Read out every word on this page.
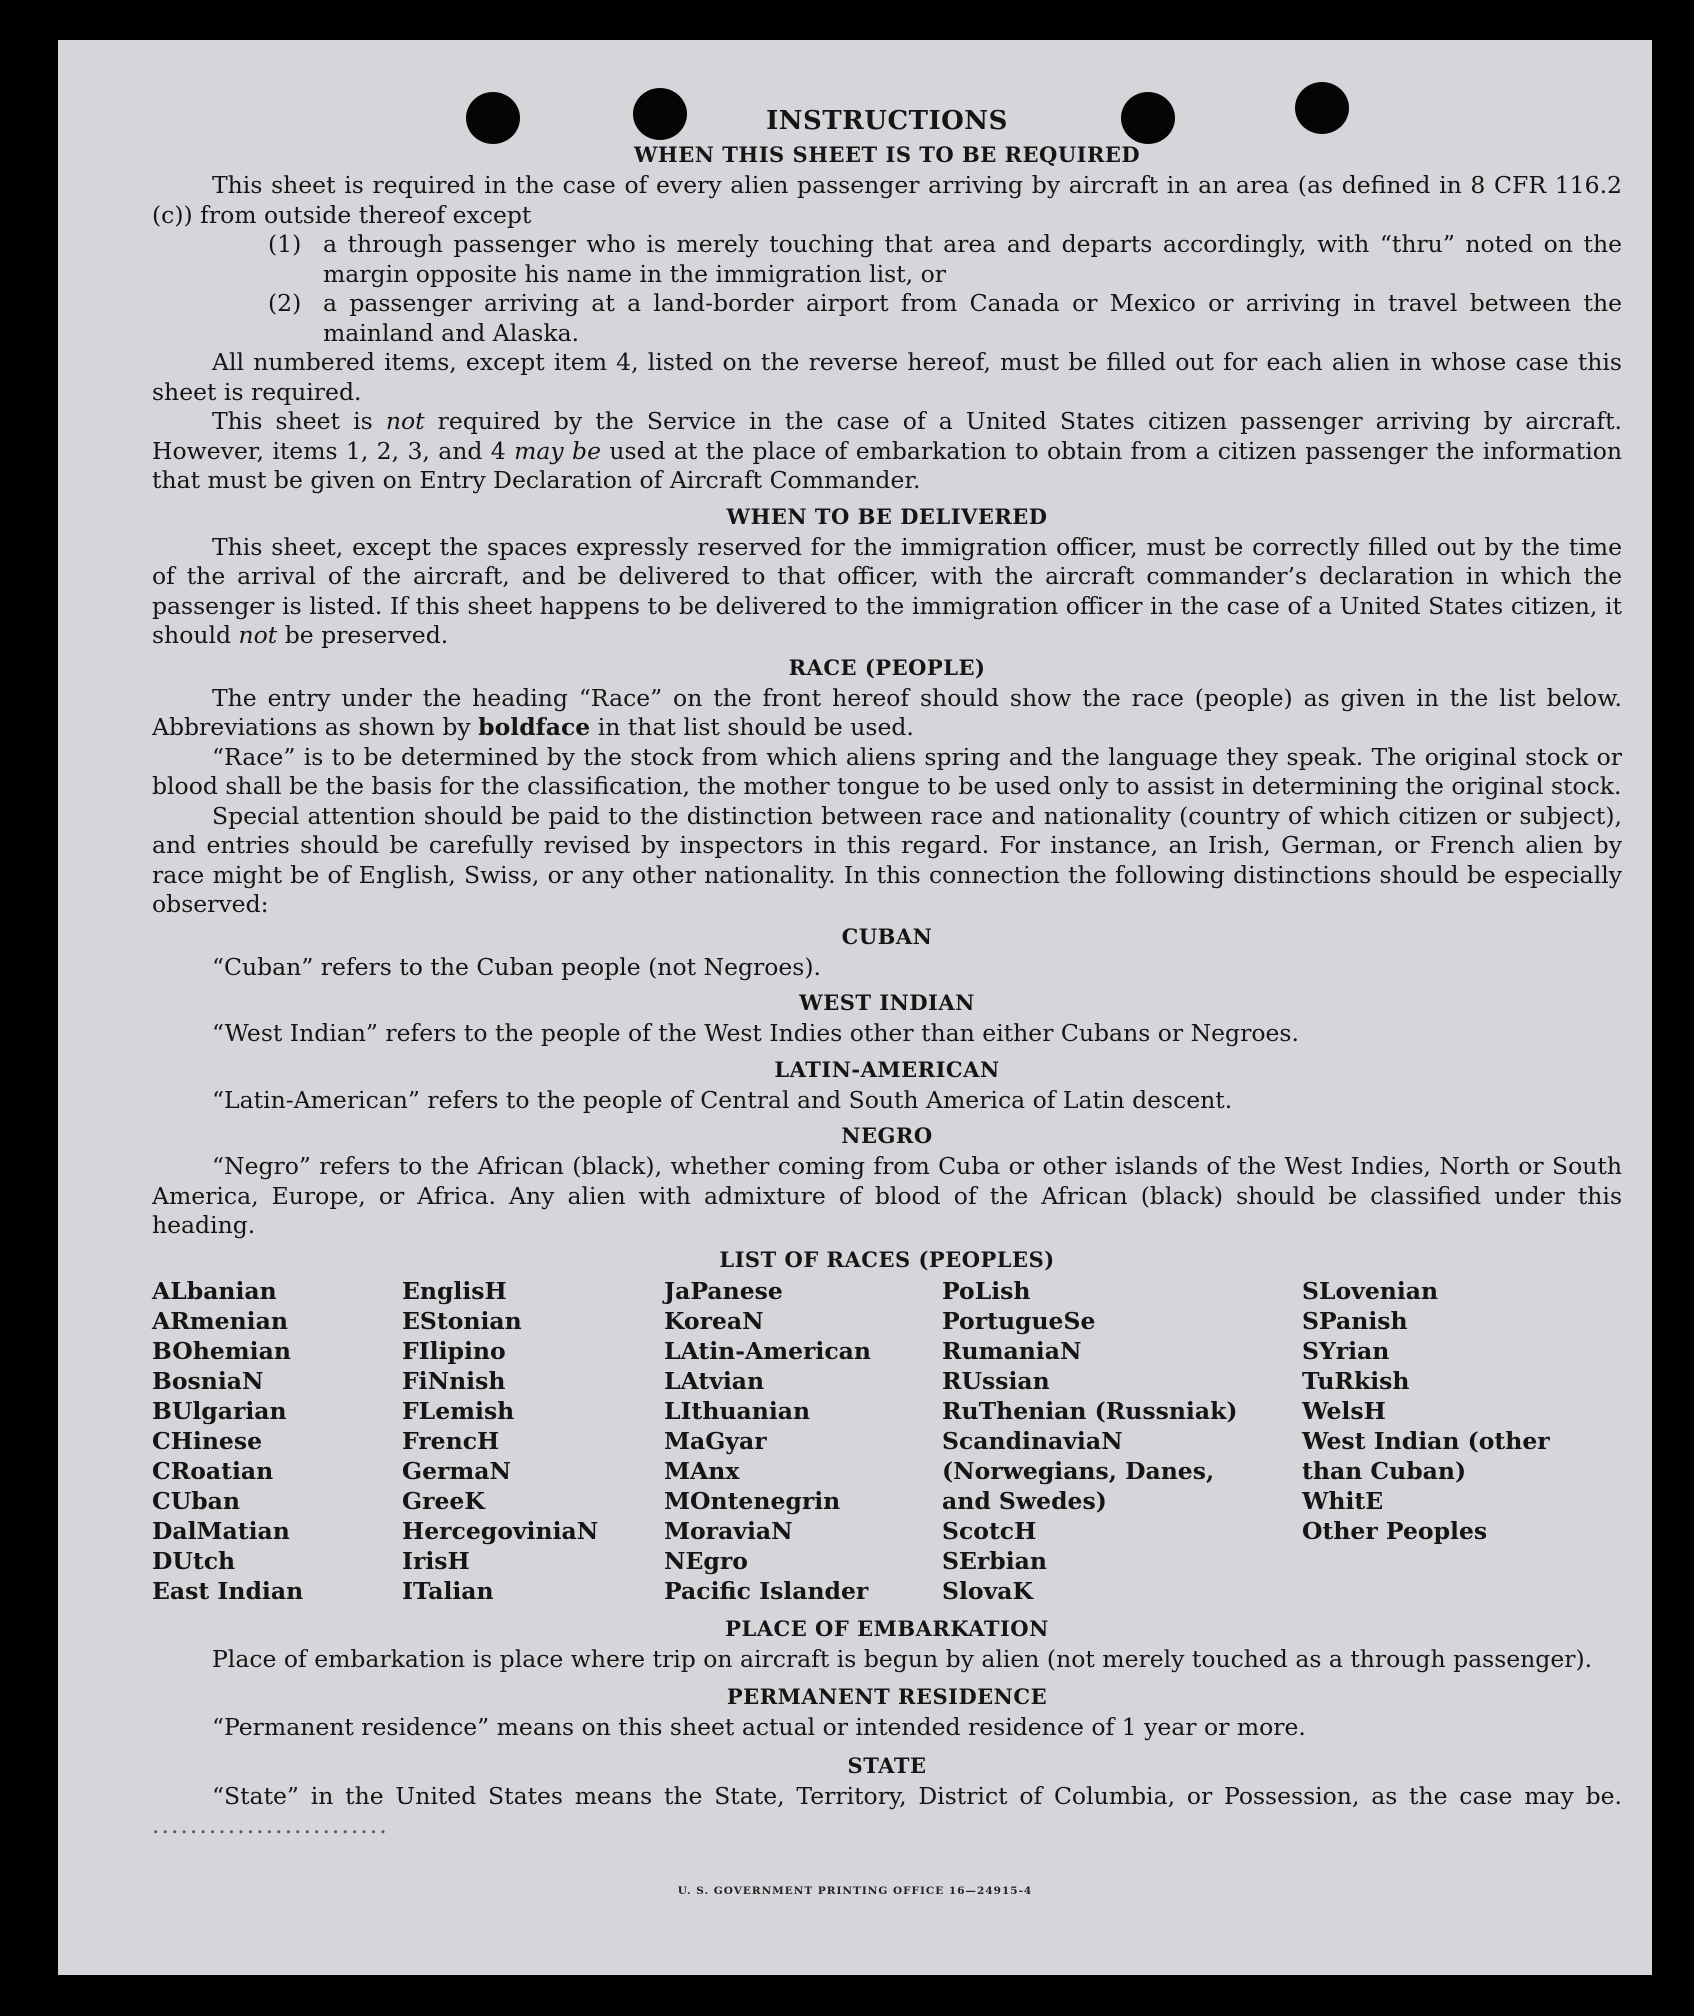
INSTRUCTIONS
WHEN THIS SHEET IS TO BE REQUIRED

This sheet is required in the case of every alien passenger arriving by aircraft in an area (as defined in 8 CFR 116.2 (c)) from outside thereof except

(1) a through passenger who is merely touching that area and departs accordingly, with “thru” noted on the margin opposite his name in the immigration list, or
(2) a passenger arriving at a land-border airport from Canada or Mexico or arriving in travel between the mainland and Alaska.

All numbered items, except item 4, listed on the reverse hereof, must be filled out for each alien in whose case this sheet is required.

This sheet is not required by the Service in the case of a United States citizen passenger arriving by aircraft. However, items 1, 2, 3, and 4 may be used at the place of embarkation to obtain from a citizen passenger the information that must be given on Entry Declaration of Aircraft Commander.

WHEN TO BE DELIVERED

This sheet, except the spaces expressly reserved for the immigration officer, must be correctly filled out by the time of the arrival of the aircraft, and be delivered to that officer, with the aircraft commander’s declaration in which the passenger is listed. If this sheet happens to be delivered to the immigration officer in the case of a United States citizen, it should not be preserved.

RACE (PEOPLE)

The entry under the heading “Race” on the front hereof should show the race (people) as given in the list below. Abbreviations as shown by boldface in that list should be used.

“Race” is to be determined by the stock from which aliens spring and the language they speak. The original stock or blood shall be the basis for the classification, the mother tongue to be used only to assist in determining the original stock.

Special attention should be paid to the distinction between race and nationality (country of which citizen or subject), and entries should be carefully revised by inspectors in this regard. For instance, an Irish, German, or French alien by race might be of English, Swiss, or any other nationality. In this connection the following distinctions should be especially observed:

CUBAN

“Cuban” refers to the Cuban people (not Negroes).

WEST INDIAN

“West Indian” refers to the people of the West Indies other than either Cubans or Negroes.

LATIN-AMERICAN

“Latin-American” refers to the people of Central and South America of Latin descent.

NEGRO

“Negro” refers to the African (black), whether coming from Cuba or other islands of the West Indies, North or South America, Europe, or Africa. Any alien with admixture of blood of the African (black) should be classified under this heading.

LIST OF RACES (PEOPLES)
ALbanian
ARmenian
BOhemian
BosniaN
BUlgarian
CHinese
CRoatian
CUban
DalMatian
DUtch
East Indian
EnglisH
EStonian
FIlipino
FiNnish
FLemish
FrencH
GermaN
GreeK
HercegoviniaN
IrisH
ITalian
JaPanese
KoreaN
LAtin-American
LAtvian
LIthuanian
MaGyar
MAnx
MOntenegrin
MoraviaN
NEgro
Pacific Islander
PoLish
PortugueSe
RumaniaN
RUssian
RuThenian (Russniak)
ScandinaviaN (Norwegians, Danes, and Swedes)
ScotcH
SErbian
SlovaK
SLovenian
SPanish
SYrian
TuRkish
WelsH
West Indian (other than Cuban)
WhitE
Other Peoples
PLACE OF EMBARKATION

Place of embarkation is place where trip on aircraft is begun by alien (not merely touched as a through passenger).

PERMANENT RESIDENCE

“Permanent residence” means on this sheet actual or intended residence of 1 year or more.

STATE

“State” in the United States means the State, Territory, District of Columbia, or Possession, as the case may be. .........................

U. S. GOVERNMENT PRINTING OFFICE 16—24915-4
